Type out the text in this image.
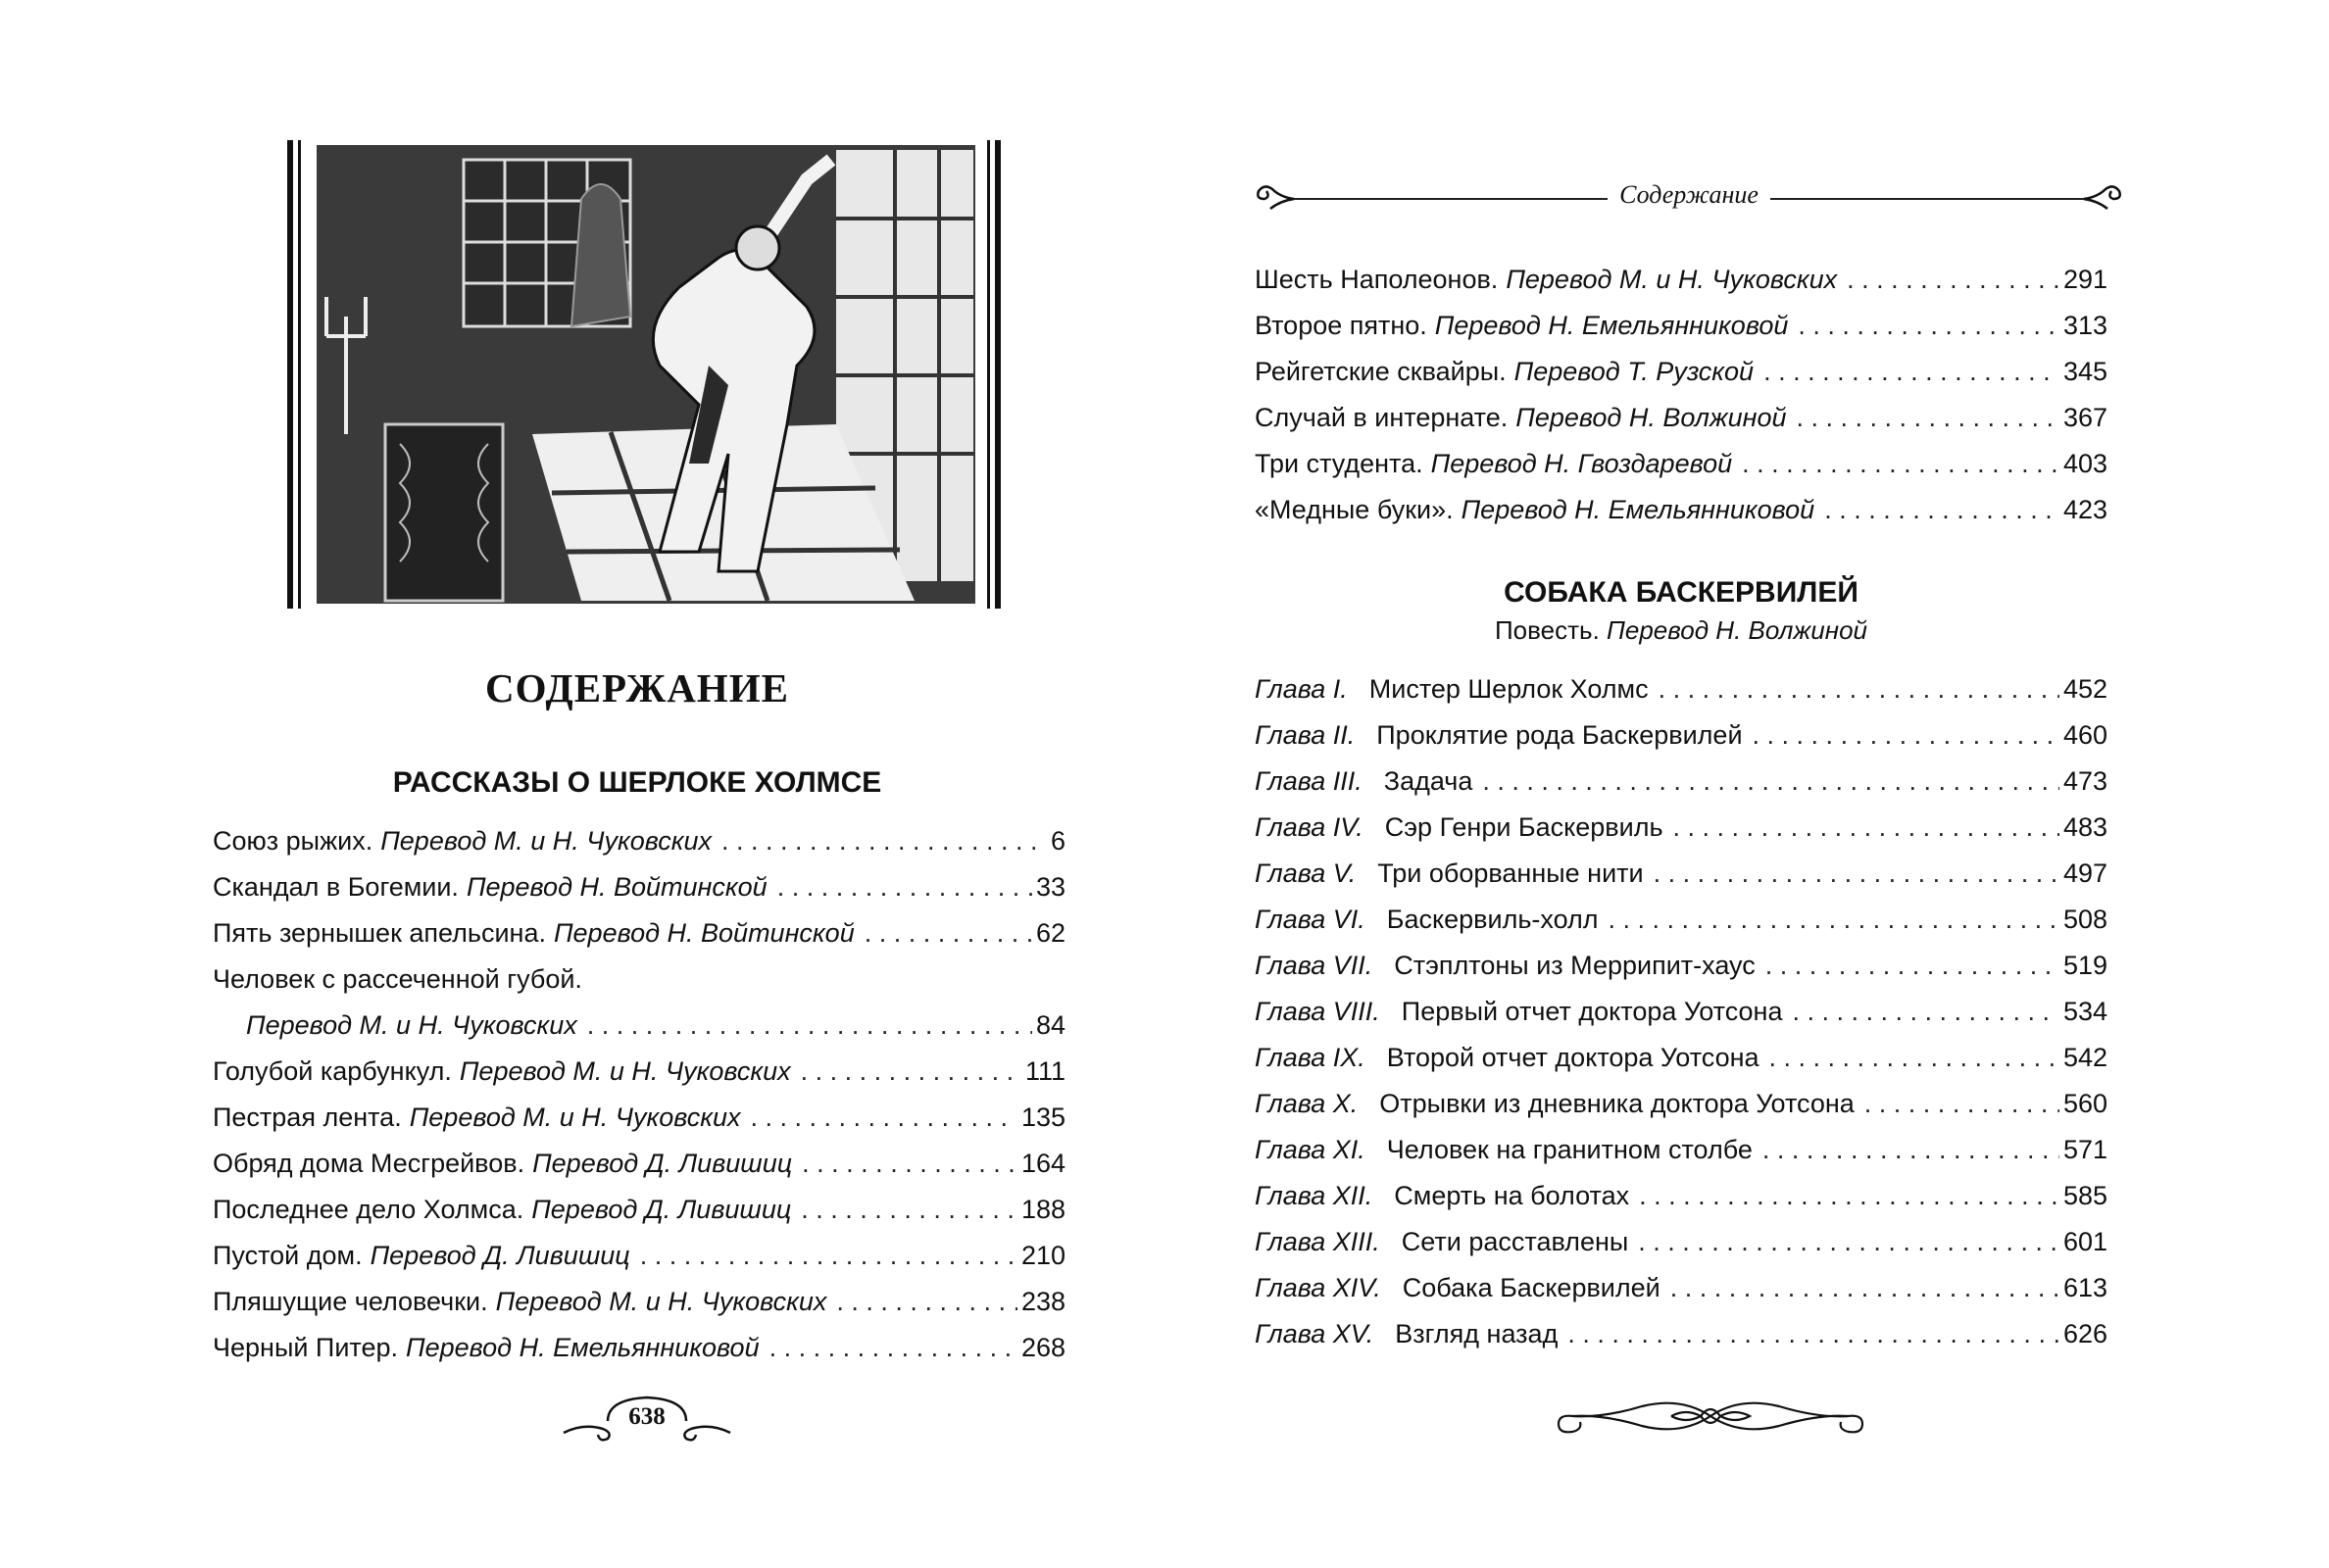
СОДЕРЖАНИЕ
РАССКАЗЫ О ШЕРЛОКЕ ХОЛМСЕ
Союз рыжих. Перевод М. и Н. Чуковских . . .	6
Скандал в Богемии. Перевод Н. Войтинской . . .	33
Пять зернышек апельсина. Перевод Н. Войтинской . . .	62
Человек с рассеченной губой.
Перевод М. и Н. Чуковских . . .	84
Голубой карбункул. Перевод М. и Н. Чуковских . . .	111
Пестрая лента. Перевод М. и Н. Чуковских . . .	135
Обряд дома Месгрейвов. Перевод Д. Ливишиц . . .	164
Последнее дело Холмса. Перевод Д. Ливишиц . . .	188
Пустой дом. Перевод Д. Ливишиц . . .	210
Пляшущие человечки. Перевод М. и Н. Чуковских . . .	238
Черный Питер. Перевод Н. Емельянниковой . . .	268
638
Содержание
Шесть Наполеонов. Перевод М. и Н. Чуковских . . .	291
Второе пятно. Перевод Н. Емельянниковой . . .	313
Рейгетские сквайры. Перевод Т. Рузской . . .	345
Случай в интернате. Перевод Н. Волжиной . . .	367
Три студента. Перевод Н. Гвоздаревой . . .	403
«Медные буки». Перевод Н. Емельянниковой . . .	423
СОБАКА БАСКЕРВИЛЕЙ
Повесть. Перевод Н. Волжиной
Глава I. Мистер Шерлок Холмс . . .	452
Глава II. Проклятие рода Баскервилей . . .	460
Глава III. Задача . . .	473
Глава IV. Сэр Генри Баскервиль . . .	483
Глава V. Три оборванные нити . . .	497
Глава VI. Баскервиль-холл . . .	508
Глава VII. Стэплтоны из Меррипит-хаус . . .	519
Глава VIII. Первый отчет доктора Уотсона . . .	534
Глава IX. Второй отчет доктора Уотсона . . .	542
Глава X. Отрывки из дневника доктора Уотсона . . .	560
Глава XI. Человек на гранитном столбе . . .	571
Глава XII. Смерть на болотах . . .	585
Глава XIII. Сети расставлены . . .	601
Глава XIV. Собака Баскервилей . . .	613
Глава XV. Взгляд назад . . .	626
